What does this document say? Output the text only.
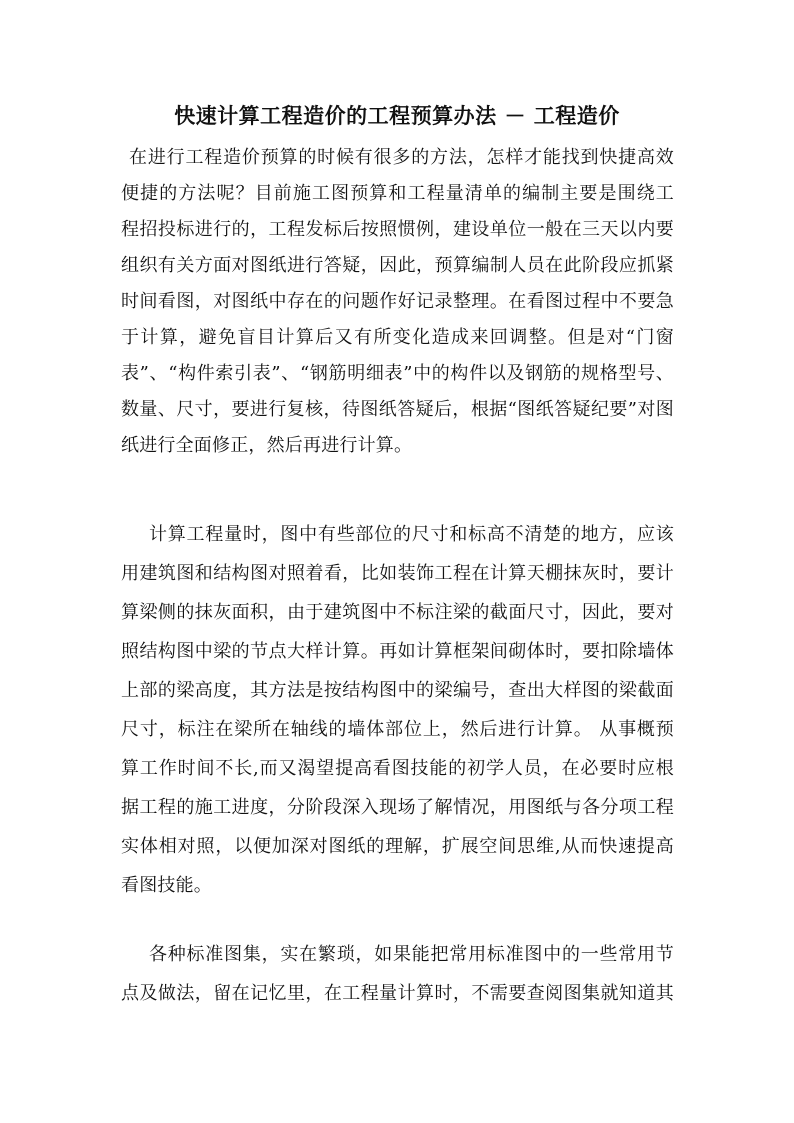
快速计算工程造价的工程预算办法 － 工程造价
在进行工程造价预算的时候有很多的方法，怎样才能找到快捷高效
便捷的方法呢？目前施工图预算和工程量清单的编制主要是围绕工
程招投标进行的，工程发标后按照惯例，建设单位一般在三天以内要
组织有关方面对图纸进行答疑，因此，预算编制人员在此阶段应抓紧
时间看图，对图纸中存在的问题作好记录整理。在看图过程中不要急
于计算，避免盲目计算后又有所变化造成来回调整。但是对“门窗
表”、“构件索引表”、“钢筋明细表”中的构件以及钢筋的规格型号、
数量、尺寸，要进行复核，待图纸答疑后，根据“图纸答疑纪要”对图
纸进行全面修正，然后再进行计算。
计算工程量时，图中有些部位的尺寸和标高不清楚的地方，应该
用建筑图和结构图对照着看，比如装饰工程在计算天棚抹灰时，要计
算梁侧的抹灰面积，由于建筑图中不标注梁的截面尺寸，因此，要对
照结构图中梁的节点大样计算。再如计算框架间砌体时，要扣除墙体
上部的梁高度，其方法是按结构图中的梁编号，查出大样图的梁截面
尺寸，标注在梁所在轴线的墙体部位上，然后进行计算。 从事概预
算工作时间不长,而又渴望提高看图技能的初学人员，在必要时应根
据工程的施工进度，分阶段深入现场了解情况，用图纸与各分项工程
实体相对照，以便加深对图纸的理解，扩展空间思维,从而快速提高
看图技能。
各种标准图集，实在繁琐，如果能把常用标准图中的一些常用节
点及做法，留在记忆里，在工程量计算时，不需要查阅图集就知道其
